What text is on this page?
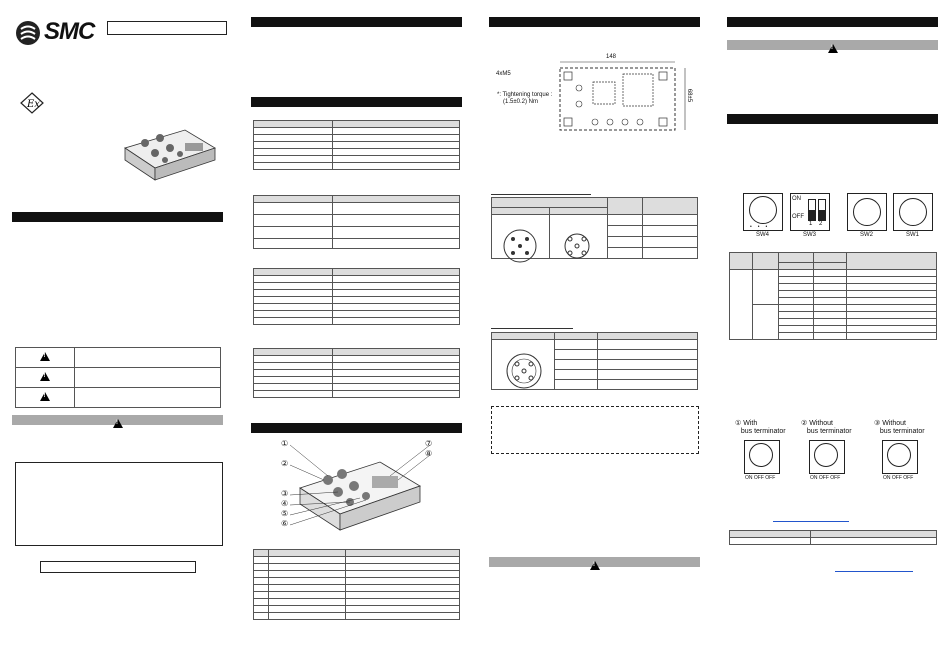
SMC
Ex
!	
!	
!	
!

①
②
③
④
⑤
⑥
⑦
⑧

148
4xM5
*: Tightening torque :
(1.5±0.2) Nm	68±5

!
!
•••
SW4
ON
OFF
1 2
SW3	SW2	SW1

① With
bus terminator
ON OFF OFF
② Without
bus terminator
ON OFF OFF
③ Without
bus terminator
ON OFF OFF
